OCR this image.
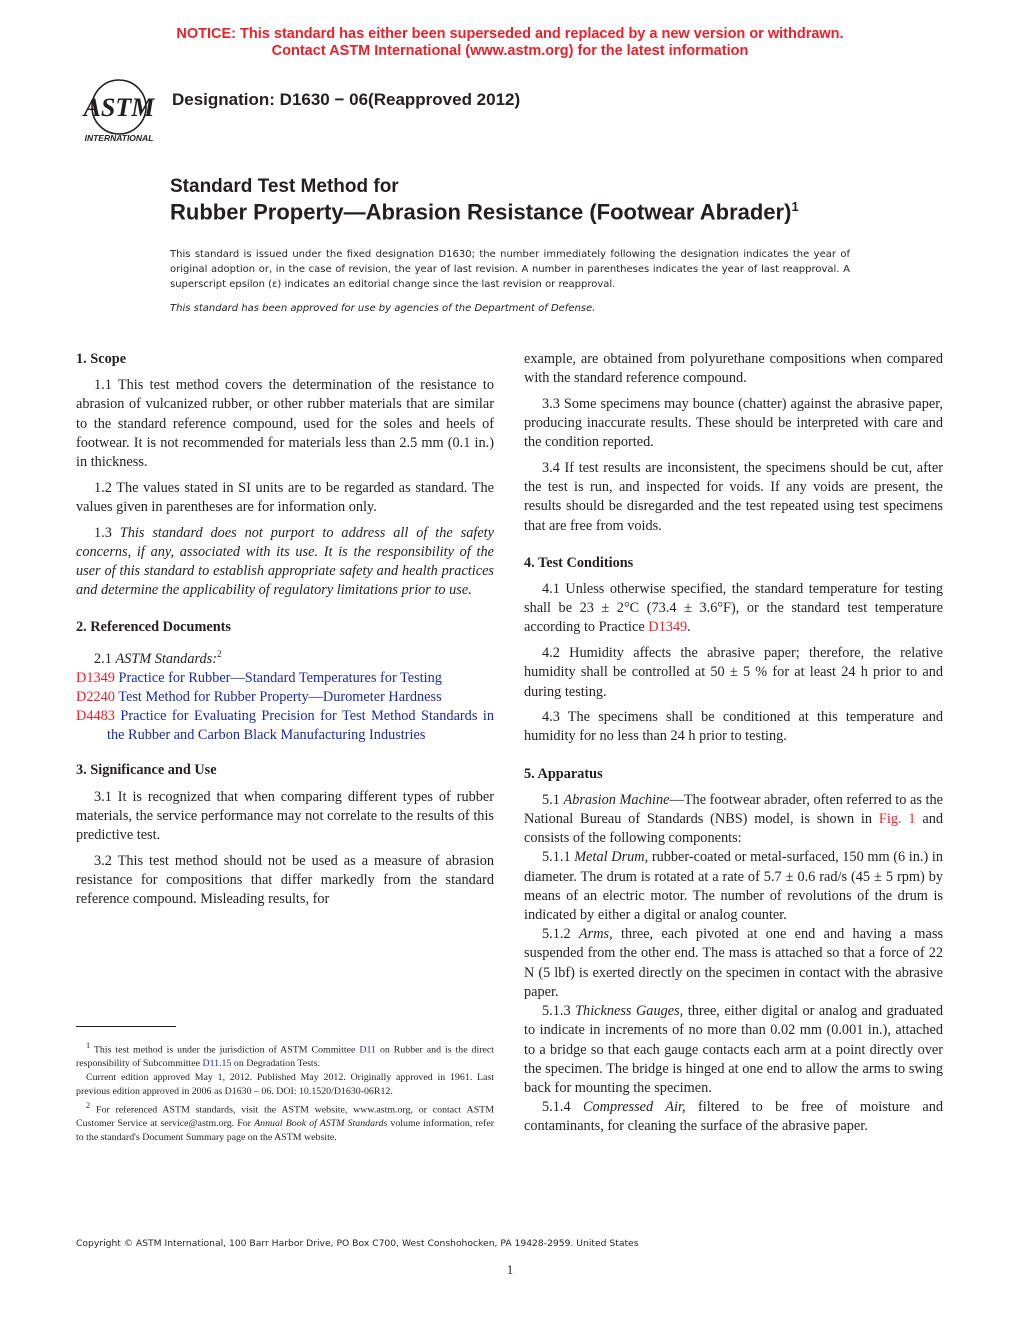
NOTICE: This standard has either been superseded and replaced by a new version or withdrawn.
Contact ASTM International (www.astm.org) for the latest information
ASTM
INTERNATIONAL
Designation: D1630 − 06(Reapproved 2012)
Standard Test Method for
Rubber Property—Abrasion Resistance (Footwear Abrader)$^1$
This standard is issued under the fixed designation D1630; the number immediately following the designation indicates the year of original adoption or, in the case of revision, the year of last revision. A number in parentheses indicates the year of last reapproval. A superscript epsilon (ε) indicates an editorial change since the last revision or reapproval.
This standard has been approved for use by agencies of the Department of Defense.
1. Scope

1.1 This test method covers the determination of the resistance to abrasion of vulcanized rubber, or other rubber materials that are similar to the standard reference compound, used for the soles and heels of footwear. It is not recommended for materials less than 2.5 mm (0.1 in.) in thickness.

1.2 The values stated in SI units are to be regarded as standard. The values given in parentheses are for information only.

1.3 This standard does not purport to address all of the safety concerns, if any, associated with its use. It is the responsibility of the user of this standard to establish appropriate safety and health practices and determine the applicability of regulatory limitations prior to use.

2. Referenced Documents

2.1 ASTM Standards:$^2$

D1349 Practice for Rubber—Standard Temperatures for Testing
D2240 Test Method for Rubber Property—Durometer Hardness
D4483 Practice for Evaluating Precision for Test Method Standards in the Rubber and Carbon Black Manufacturing Industries
3. Significance and Use

3.1 It is recognized that when comparing different types of rubber materials, the service performance may not correlate to the results of this predictive test.

3.2 This test method should not be used as a measure of abrasion resistance for compositions that differ markedly from the standard reference compound. Misleading results, for

$^1$ This test method is under the jurisdiction of ASTM Committee D11 on Rubber and is the direct responsibility of Subcommittee D11.15 on Degradation Tests.

Current edition approved May 1, 2012. Published May 2012. Originally approved in 1961. Last previous edition approved in 2006 as D1630 – 06. DOI: 10.1520/D1630-06R12.

$^2$ For referenced ASTM standards, visit the ASTM website, www.astm.org, or contact ASTM Customer Service at service@astm.org. For Annual Book of ASTM Standards volume information, refer to the standard's Document Summary page on the ASTM website.

example, are obtained from polyurethane compositions when compared with the standard reference compound.

3.3 Some specimens may bounce (chatter) against the abrasive paper, producing inaccurate results. These should be interpreted with care and the condition reported.

3.4 If test results are inconsistent, the specimens should be cut, after the test is run, and inspected for voids. If any voids are present, the results should be disregarded and the test repeated using test specimens that are free from voids.

4. Test Conditions

4.1 Unless otherwise specified, the standard temperature for testing shall be 23 ± 2°C (73.4 ± 3.6°F), or the standard test temperature according to Practice D1349.

4.2 Humidity affects the abrasive paper; therefore, the relative humidity shall be controlled at 50 ± 5 % for at least 24 h prior to and during testing.

4.3 The specimens shall be conditioned at this temperature and humidity for no less than 24 h prior to testing.

5. Apparatus

5.1 Abrasion Machine—The footwear abrader, often referred to as the National Bureau of Standards (NBS) model, is shown in Fig. 1 and consists of the following components:

5.1.1 Metal Drum, rubber-coated or metal-surfaced, 150 mm (6 in.) in diameter. The drum is rotated at a rate of 5.7 ± 0.6 rad/s (45 ± 5 rpm) by means of an electric motor. The number of revolutions of the drum is indicated by either a digital or analog counter.

5.1.2 Arms, three, each pivoted at one end and having a mass suspended from the other end. The mass is attached so that a force of 22 N (5 lbf) is exerted directly on the specimen in contact with the abrasive paper.

5.1.3 Thickness Gauges, three, either digital or analog and graduated to indicate in increments of no more than 0.02 mm (0.001 in.), attached to a bridge so that each gauge contacts each arm at a point directly over the specimen. The bridge is hinged at one end to allow the arms to swing back for mounting the specimen.

5.1.4 Compressed Air, filtered to be free of moisture and contaminants, for cleaning the surface of the abrasive paper.

Copyright © ASTM International, 100 Barr Harbor Drive, PO Box C700, West Conshohocken, PA 19428-2959. United States
1
